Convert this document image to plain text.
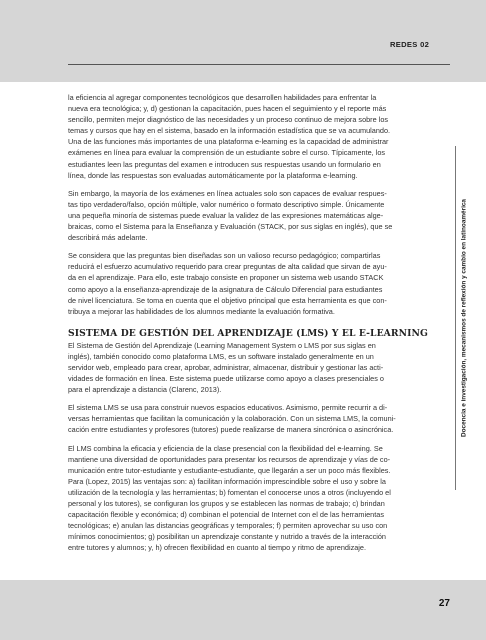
REDES 02

la eficiencia al agregar componentes tecnológicos que desarrollen habilidades para enfrentar la
nueva era tecnológica; y, d) gestionan la capacitación, pues hacen el seguimiento y el reporte más
sencillo, permiten mejor diagnóstico de las necesidades y un proceso continuo de mejora sobre los
temas y cursos que hay en el sistema, basado en la información estadística que se va acumulando.
Una de las funciones más importantes de una plataforma e-learning es la capacidad de administrar
exámenes en línea para evaluar la comprensión de un estudiante sobre el curso. Típicamente, los
estudiantes leen las preguntas del examen e introducen sus respuestas usando un formulario en
línea, donde las respuestas son evaluadas automáticamente por la plataforma e-learning.

Sin embargo, la mayoría de los exámenes en línea actuales solo son capaces de evaluar respues-
tas tipo verdadero/falso, opción múltiple, valor numérico o formato descriptivo simple. Únicamente
una pequeña minoría de sistemas puede evaluar la validez de las expresiones matemáticas alge-
braicas, como el Sistema para la Enseñanza y Evaluación (STACK, por sus siglas en inglés), que se
describirá más adelante.

Se considera que las preguntas bien diseñadas son un valioso recurso pedagógico; compartirlas
reducirá el esfuerzo acumulativo requerido para crear preguntas de alta calidad que sirvan de ayu-
da en el aprendizaje. Para ello, este trabajo consiste en proponer un sistema web usando STACK
como apoyo a la enseñanza-aprendizaje de la asignatura de Cálculo Diferencial para estudiantes
de nivel licenciatura. Se toma en cuenta que el objetivo principal que esta herramienta es que con-
tribuya a mejorar las habilidades de los alumnos mediante la evaluación formativa.

SISTEMA DE GESTIÓN DEL APRENDIZAJE (LMS) Y EL E-LEARNING

El Sistema de Gestión del Aprendizaje (Learning Management System o LMS por sus siglas en
inglés), también conocido como plataforma LMS, es un software instalado generalmente en un
servidor web, empleado para crear, aprobar, administrar, almacenar, distribuir y gestionar las acti-
vidades de formación en línea. Este sistema puede utilizarse como apoyo a clases presenciales o
para el aprendizaje a distancia (Clarenc, 2013).

El sistema LMS se usa para construir nuevos espacios educativos. Asimismo, permite recurrir a di-
versas herramientas que facilitan la comunicación y la colaboración. Con un sistema LMS, la comuni-
cación entre estudiantes y profesores (tutores) puede realizarse de manera sincrónica o asincrónica.

El LMS combina la eficacia y eficiencia de la clase presencial con la flexibilidad del e-learning. Se
mantiene una diversidad de oportunidades para presentar los recursos de aprendizaje y vías de co-
municación entre tutor-estudiante y estudiante-estudiante, que llegarán a ser un poco más flexibles.
Para (Lopez, 2015) las ventajas son: a) facilitan información imprescindible sobre el uso y sobre la
utilización de la tecnología y las herramientas; b) fomentan el conocerse unos a otros (incluyendo el
personal y los tutores), se configuran los grupos y se establecen las normas de trabajo; c) brindan
capacitación flexible y económica; d) combinan el potencial de Internet con el de las herramientas
tecnológicas; e) anulan las distancias geográficas y temporales; f) permiten aprovechar su uso con
mínimos conocimientos; g) posibilitan un aprendizaje constante y nutrido a través de la interacción
entre tutores y alumnos; y, h) ofrecen flexibilidad en cuanto al tiempo y ritmo de aprendizaje.

Docencia e investigación, mecanismos de reflexión y cambio en latinoamérica
27
